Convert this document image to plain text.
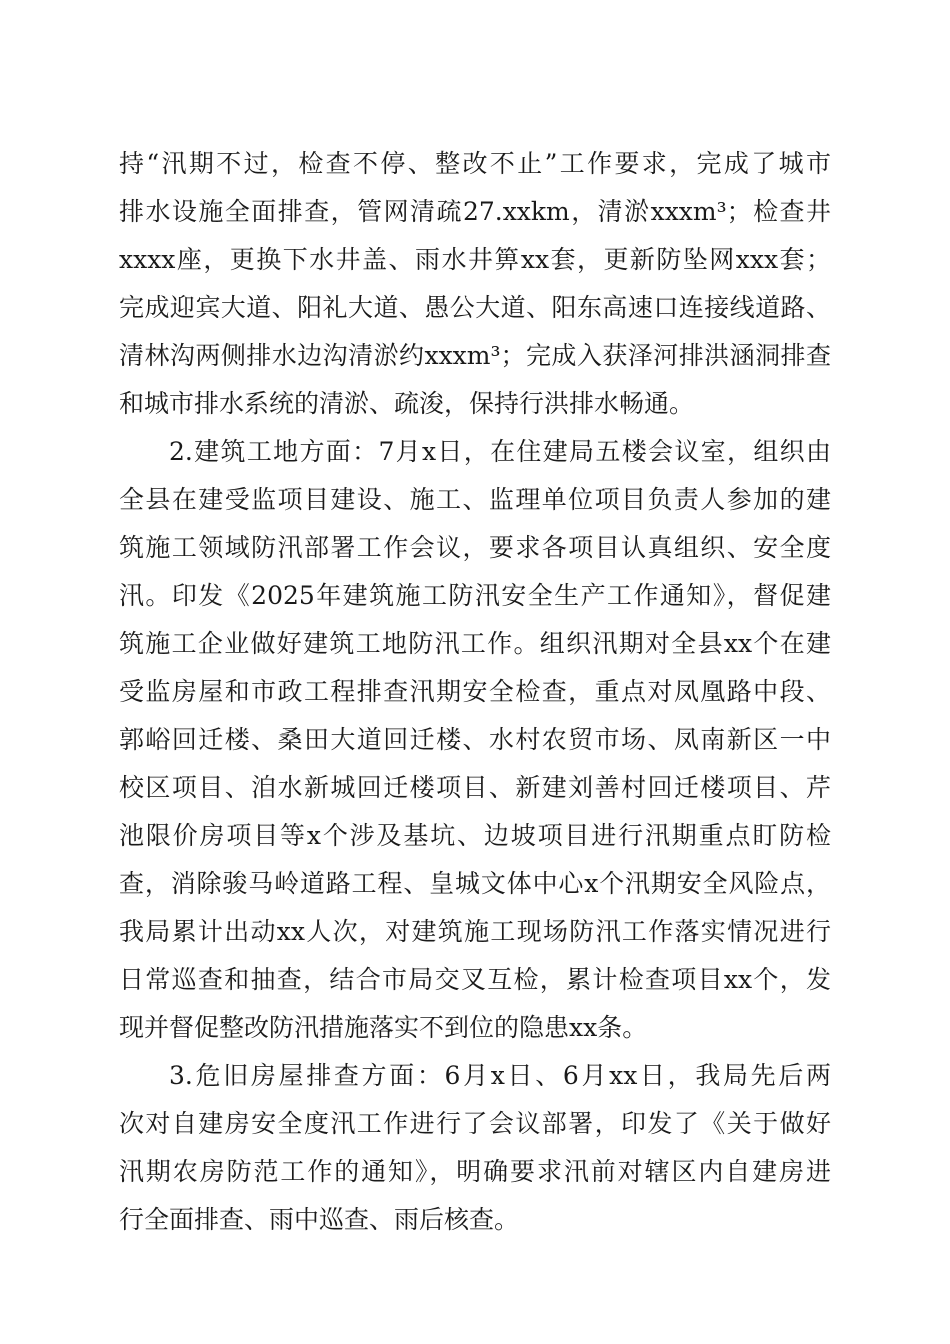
持“汛期不过，检查不停、整改不止”工作要求，完成了城市
排水设施全面排查，管网清疏27.xxkm，清淤xxxm³；检查井
xxxx座，更换下水井盖、雨水井箅xx套，更新防坠网xxx套；
完成迎宾大道、阳礼大道、愚公大道、阳东高速口连接线道路、
清林沟两侧排水边沟清淤约xxxm³；完成入获泽河排洪涵洞排查
和城市排水系统的清淤、疏浚，保持行洪排水畅通。

2.建筑工地方面：7月x日，在住建局五楼会议室，组织由
全县在建受监项目建设、施工、监理单位项目负责人参加的建
筑施工领域防汛部署工作会议，要求各项目认真组织、安全度
汛。印发《2025年建筑施工防汛安全生产工作通知》，督促建
筑施工企业做好建筑工地防汛工作。组织汛期对全县xx个在建
受监房屋和市政工程排查汛期安全检查，重点对凤凰路中段、
郭峪回迁楼、桑田大道回迁楼、水村农贸市场、凤南新区一中
校区项目、洎水新城回迁楼项目、新建刘善村回迁楼项目、芹
池限价房项目等x个涉及基坑、边坡项目进行汛期重点盯防检
查，消除骏马岭道路工程、皇城文体中心x个汛期安全风险点，
我局累计出动xx人次，对建筑施工现场防汛工作落实情况进行
日常巡查和抽查，结合市局交叉互检，累计检查项目xx个，发
现并督促整改防汛措施落实不到位的隐患xx条。

3.危旧房屋排查方面：6月x日、6月xx日，我局先后两
次对自建房安全度汛工作进行了会议部署，印发了《关于做好
汛期农房防范工作的通知》，明确要求汛前对辖区内自建房进
行全面排查、雨中巡查、雨后核查。
